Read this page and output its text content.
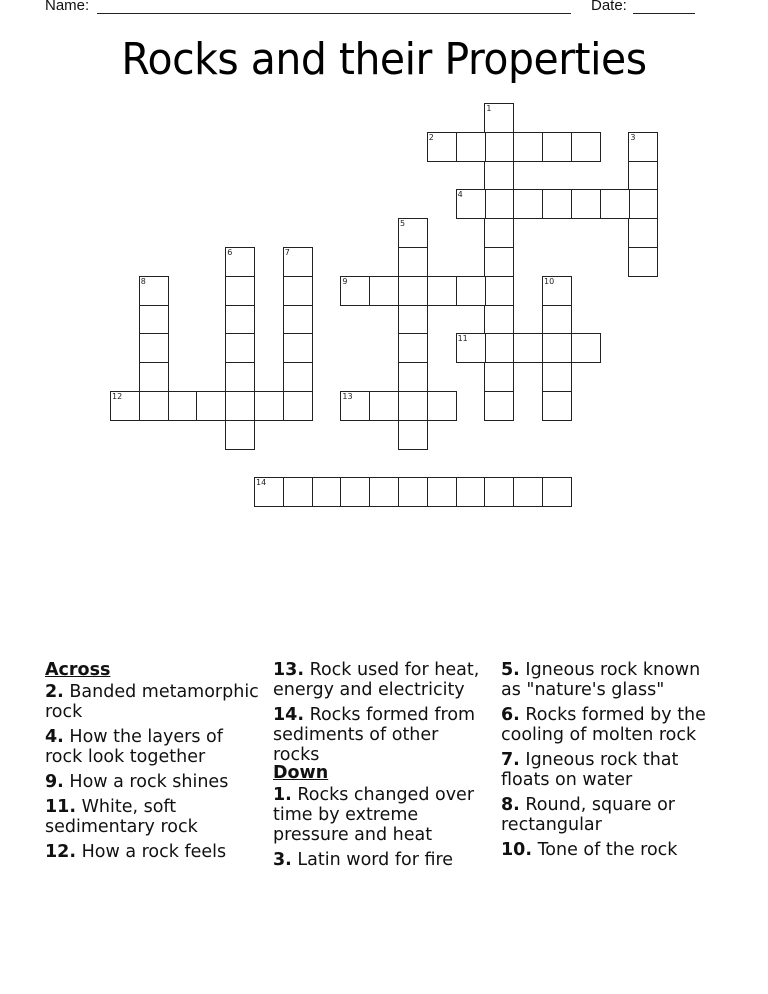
Name:	Date:
Rocks and their Properties
1
2	3
4
5
6	7
8	9	10
11
12	13
14
Across
2. Banded metamorphic rock
4. How the layers of rock look together
9. How a rock shines
11. White, soft sedimentary rock
12. How a rock feels
13. Rock used for heat, energy and electricity
14. Rocks formed from sediments of other rocks
Down
1. Rocks changed over time by extreme pressure and heat
3. Latin word for fire
5. Igneous rock known as "nature's glass"
6. Rocks formed by the cooling of molten rock
7. Igneous rock that floats on water
8. Round, square or rectangular
10. Tone of the rock
